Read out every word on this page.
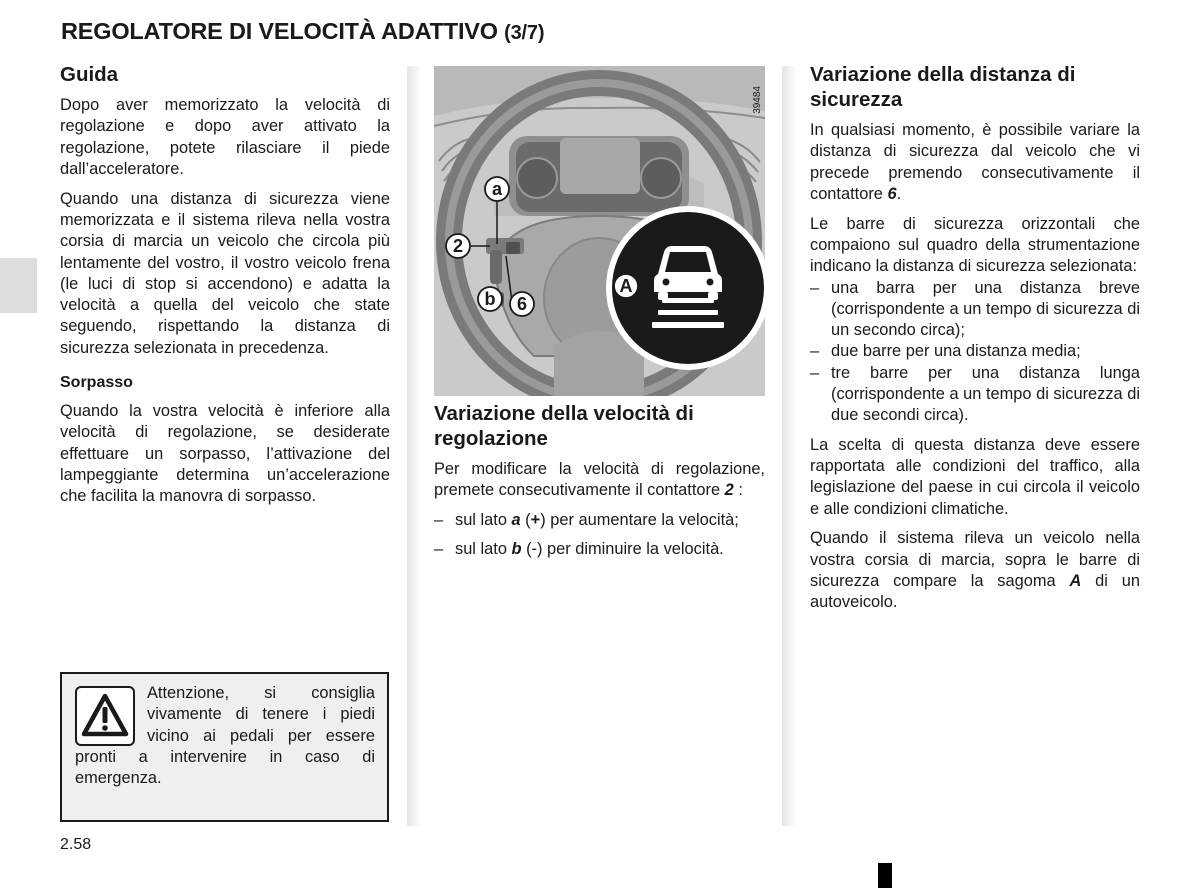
REGOLATORE DI VELOCITÀ ADATTIVO (3/7)
Guida

Dopo aver memorizzato la velocità di regolazione e dopo aver attivato la regolazione, potete rilasciare il piede dall’acceleratore.

Quando una distanza di sicurezza viene memorizzata e il sistema rileva nella vostra corsia di marcia un veicolo che circola più lentamente del vostro, il vostro veicolo frena (le luci di stop si accendono) e adatta la velocità a quella del veicolo che state seguendo, rispettando la distanza di sicurezza selezionata in precedenza.

Sorpasso

Quando la vostra velocità è inferiore alla velocità di regolazione, se desiderate effettuare un sorpasso, l’attivazione del lampeggiante determina un’accelerazione che facilita la manovra di sorpasso.

Attenzione, si consiglia vivamente di tenere i piedi vicino ai pedali per essere pronti a intervenire in caso di emergenza.

39484
a
2
b 6
A
Variazione della velocità di regolazione

Per modificare la velocità di regolazione, premete consecutivamente il contattore 2 :

– sul lato a (+) per aumentare la velocità;
– sul lato b (-) per diminuire la velocità.
Variazione della distanza di sicurezza

In qualsiasi momento, è possibile variare la distanza di sicurezza dal veicolo che vi precede premendo consecutivamente il contattore 6.

Le barre di sicurezza orizzontali che compaiono sul quadro della strumentazione indicano la distanza di sicurezza selezionata:

– una barra per una distanza breve (corrispondente a un tempo di sicurezza di un secondo circa);
– due barre per una distanza media;
– tre barre per una distanza lunga (corrispondente a un tempo di sicurezza di due secondi circa).

La scelta di questa distanza deve essere rapportata alle condizioni del traffico, alla legislazione del paese in cui circola il veicolo e alle condizioni climatiche.

Quando il sistema rileva un veicolo nella vostra corsia di marcia, sopra le barre di sicurezza compare la sagoma A di un autoveicolo.

2.58
